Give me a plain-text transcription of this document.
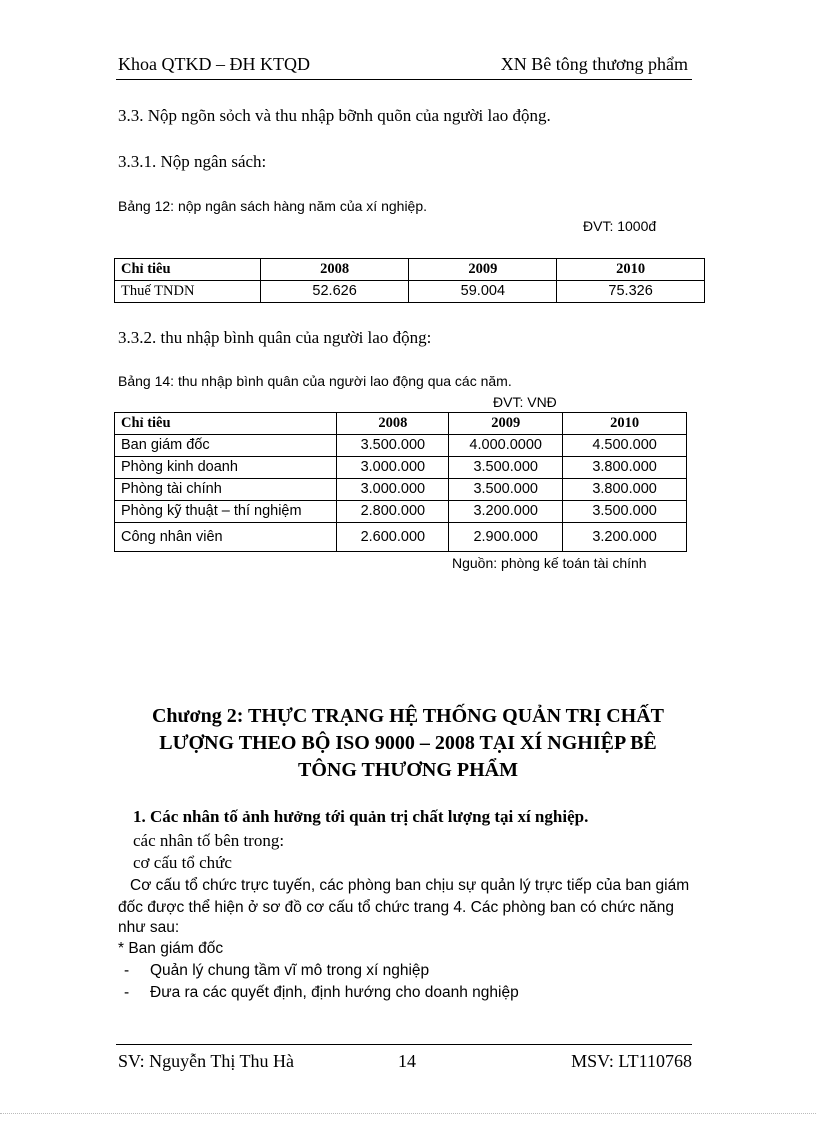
Khoa QTKD – ĐH KTQD	XN Bê tông thương phẩm
3.3. Nộp ngõn sỏch và thu nhập bỡnh quõn của người lao động.
3.3.1. Nộp ngân sách:
Bảng 12: nộp ngân sách hàng năm của xí nghiệp.
ĐVT: 1000đ
Chỉ tiêu	2008	2009	2010
Thuế TNDN	52.626	59.004	75.326
3.3.2. thu nhập bình quân của người lao động:
Bảng 14: thu nhập bình quân của người lao động qua các năm.
ĐVT: VNĐ
Chỉ tiêu	2008	2009	2010
Ban giám đốc	3.500.000	4.000.0000	4.500.000
Phòng kinh doanh	3.000.000	3.500.000	3.800.000
Phòng tài chính	3.000.000	3.500.000	3.800.000
Phòng kỹ thuật – thí nghiệm	2.800.000	3.200.000	3.500.000
Công nhân viên	2.600.000	2.900.000	3.200.000
Nguồn: phòng kế toán tài chính
Chương 2: THỰC TRẠNG HỆ THỐNG QUẢN TRỊ CHẤT
LƯỢNG THEO BỘ ISO 9000 – 2008 TẠI XÍ NGHIỆP BÊ
TÔNG THƯƠNG PHẨM
1. Các nhân tố ảnh hưởng tới quản trị chất lượng tại xí nghiệp.
các nhân tố bên trong:
cơ cấu tổ chức
Cơ cấu tổ chức trực tuyến, các phòng ban chịu sự quản lý trực tiếp của ban giám
đốc được thể hiện ở sơ đồ cơ cấu tổ chức trang 4. Các phòng ban có chức năng
như sau:
* Ban giám đốc
- Quản lý chung tầm vĩ mô trong xí nghiệp
- Đưa ra các quyết định, định hướng cho doanh nghiệp
SV: Nguyễn Thị Thu Hà	14	MSV: LT110768
